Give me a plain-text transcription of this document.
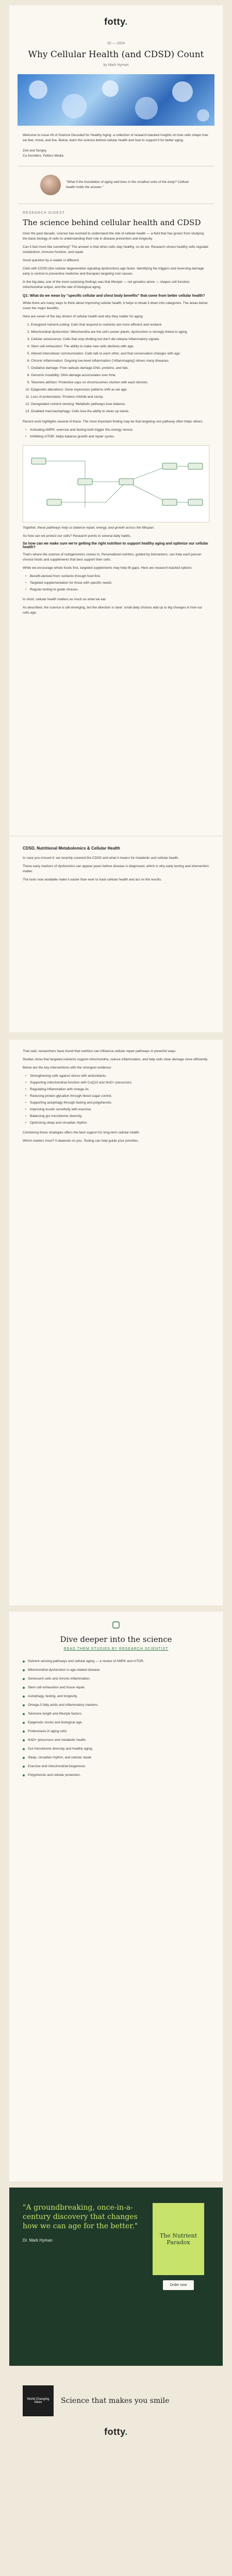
fotty.
20 — 2024
Why Cellular Health (and CDSD) Count
by Mark Hyman
Welcome to issue #6 of Science Decoded for Healthy Aging: a collection of research-backed insights on how cells shape how we feel, move, and live. Below, learn the science behind cellular health and how to support it for better aging.
Zoé and Sergey
Co-founders, Fetters Media
"What if the foundation of aging well lives in the smallest units of the body? Cellular health holds the answer."
RESEARCH DIGEST
The science behind cellular health and CDSD
Over the past decade, science has evolved to understand the role of cellular health — a field that has grown from studying the basic biology of cells to understanding their role in disease prevention and longevity.
Can it feel more like something? The answer is that when cells stay healthy, so do we. Research shows healthy cells regulate metabolism, immune function, and repair.
Good question by a reader is different.
Cells with CDSD (the cellular degenerative signaling dysfunction) age faster. Identifying the triggers and reversing damage early is central to preventive medicine and therapies targeting root causes.
In the big data, one of the most surprising findings was that lifestyle — not genetics alone — shapes cell function, mitochondrial output, and the rate of biological aging.
Q1: What do we mean by “specific cellular and chest body benefits” that come from better cellular health?
While there are many ways to think about improving cellular health, it helps to break it down into categories. The areas below cover the major benefits.
Here are seven of the key drivers of cellular health and why they matter for aging:
1. Energized nutrient-cutting: Cells that respond to nutrients are more efficient and resilient.
2. Mitochondrial dysfunction: Mitochondria are the cell's power plants; dysfunction is strongly linked to aging.
3. Cellular senescence: Cells that stop dividing but don't die release inflammatory signals.
4. Stem cell exhaustion: The ability to make new cells declines with age.
5. Altered intercellular communication: Cells talk to each other, and that conversation changes with age.
6. Chronic inflammation: Ongoing low-level inflammation ('inflammaging') drives many diseases.
7. Oxidative damage: Free radicals damage DNA, proteins, and fats.
8. Genomic instability: DNA damage accumulates over time.
9. Telomere attrition: Protective caps on chromosomes shorten with each division.
10. Epigenetic alterations: Gene expression patterns shift as we age.
11. Loss of proteostasis: Proteins misfold and clump.
12. Deregulated nutrient sensing: Metabolic pathways lose balance.
13. Disabled macroautophagy: Cells lose the ability to clean up waste.
Recent work highlights several of these. The most important finding may be that targeting one pathway often helps others.
• Activating AMPK: exercise and fasting both trigger this energy sensor.
• Inhibiting mTOR: helps balance growth and repair cycles.
Together, these pathways help us balance repair, energy, and growth across the lifespan.
So how can we protect our cells? Research points to several daily habits.
So how can we make sure we're getting the right nutrition to support healthy aging and optimize our cellular health?
That's where the science of nutrigenomics comes in. Personalized nutrition, guided by biomarkers, can help each person choose foods and supplements that best support their cells.
While we encourage whole foods first, targeted supplements may help fill gaps. Here are research-backed options:
• Benefit-derived from nutrients through food first.
• Targeted supplementation for those with specific needs.
• Regular testing to guide choices.
In short, cellular health matters as much as what we eat.
As described, the science is still emerging, but the direction is clear: small daily choices add up to big changes in how our cells age.
CDSD, Nutritional Metabolomics & Cellular Health
In case you missed it: we recently covered the CDSD and what it means for metabolic and cellular health.
These early markers of dysfunction can appear years before disease is diagnosed, which is why early testing and intervention matter.
The tools now available make it easier than ever to track cellular health and act on the results.
That said, researchers have found that nutrition can influence cellular repair pathways in powerful ways.
Studies show that targeted nutrients support mitochondria, reduce inflammation, and help cells clear damage more efficiently.
Below are the key interventions with the strongest evidence:
• Strengthening cells against stress with antioxidants.
• Supporting mitochondrial function with CoQ10 and NAD+ precursors.
• Regulating inflammation with omega-3s.
• Reducing protein glycation through blood sugar control.
• Supporting autophagy through fasting and polyphenols.
• Improving insulin sensitivity with exercise.
• Balancing gut microbiome diversity.
• Optimizing sleep and circadian rhythm.
Combining these strategies offers the best support for long-term cellular health.
Which matters most? It depends on you. Testing can help guide your priorities.
Dive deeper into the science
READ THEM STUDIES BY RESEARCH SCIENTIST
Nutrient sensing pathways and cellular aging — a review of AMPK and mTOR.
Mitochondrial dysfunction in age-related disease.
Senescent cells and chronic inflammation.
Stem cell exhaustion and tissue repair.
Autophagy, fasting, and longevity.
Omega-3 fatty acids and inflammatory markers.
Telomere length and lifestyle factors.
Epigenetic clocks and biological age.
Proteostasis in aging cells.
NAD+ precursors and metabolic health.
Gut microbiome diversity and healthy aging.
Sleep, circadian rhythm, and cellular repair.
Exercise and mitochondrial biogenesis.
Polyphenols and cellular protection.
"A groundbreaking, once-in-a-century discovery that changes how we can age for the better."
Dr. Mark Hyman
The Nutrient Paradox
Order now
World Changing Ideas	Science that makes you smile
fotty.
